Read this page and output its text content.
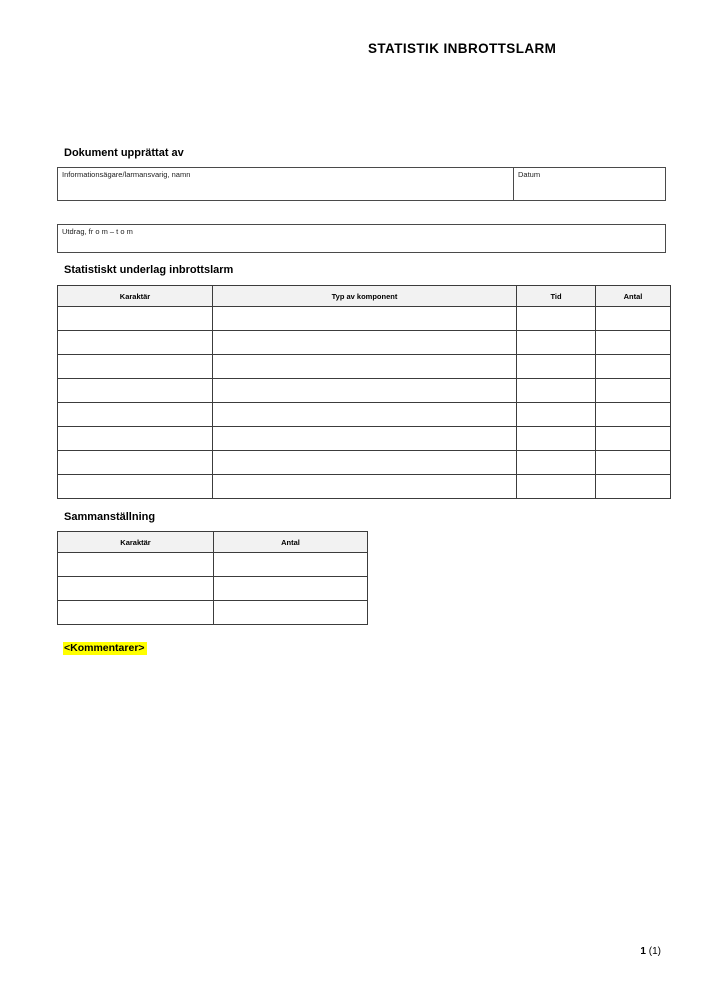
STATISTIK INBROTTSLARM
Dokument upprättat av
Informationsägare/larmansvarig, namn	Datum
Utdrag, fr o m – t o m
Statistiskt underlag inbrottslarm
Karaktär	Typ av komponent	Tid	Antal

Sammanställning
Karaktär	Antal

<Kommentarer>
1 (1)
